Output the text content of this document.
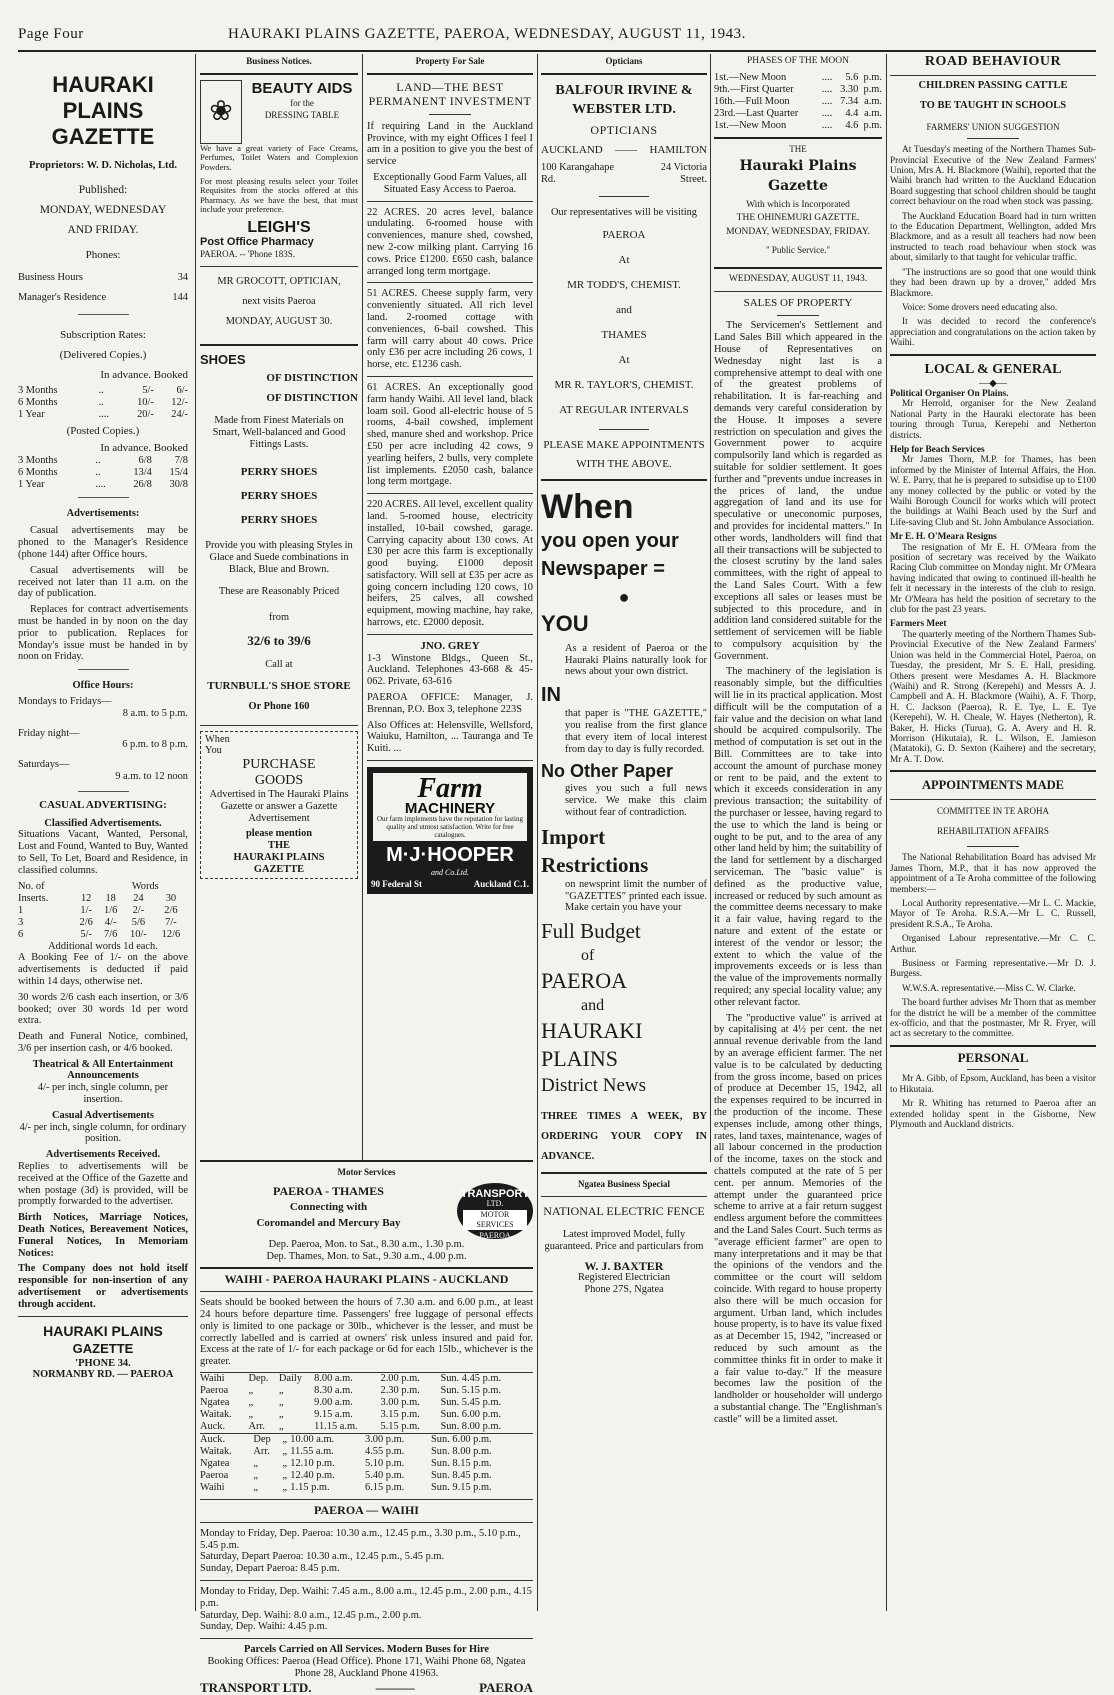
Page Four	HAURAKI PLAINS GAZETTE, PAEROA, WEDNESDAY, AUGUST 11, 1943.
HAURAKI PLAINS
GAZETTE
Proprietors: W. D. Nicholas, Ltd.
Published:
MONDAY, WEDNESDAY
AND FRIDAY.
Phones:
Business Hours	34
Manager's Residence	144
Subscription Rates:
(Delivered Copies.)
In advance. Booked
3 Months	..	5/-	6/-
6 Months	..	10/-	12/-
1 Year	....	20/-	24/-
(Posted Copies.)
In advance. Booked
3 Months	..	6/8	7/8
6 Months	..	13/4	15/4
1 Year	....	26/8	30/8
Advertisements:

Casual advertisements may be phoned to the Manager's Residence (phone 144) after Office hours.

Casual advertisements will be received not later than 11 a.m. on the day of publication.

Replaces for contract advertisements must be handed in by noon on the day prior to publication. Replaces for Monday's issue must be handed in by noon on Friday.

Office Hours:
Mondays to Fridays—
8 a.m. to 5 p.m.
Friday night—
6 p.m. to 8 p.m.
Saturdays—
9 a.m. to 12 noon
CASUAL ADVERTISING:
Classified Advertisements.

Situations Vacant, Wanted, Personal, Lost and Found, Wanted to Buy, Wanted to Sell, To Let, Board and Residence, in classified columns.

No. of	Words
Inserts.	12	18	24	30
1	1/-	1/6	2/-	2/6
3	2/6	4/-	5/6	7/-
6	5/-	7/6	10/-	12/6
Additional words 1d each.

A Booking Fee of 1/- on the above advertisements is deducted if paid within 14 days, otherwise net.

30 words 2/6 cash each insertion, or 3/6 booked; over 30 words 1d per word extra.

Death and Funeral Notice, combined, 3/6 per insertion cash, or 4/6 booked.

Theatrical & All Entertainment Announcements

4/- per inch, single column, per insertion.

Casual Advertisements

4/- per inch, single column, for ordinary position.

Advertisements Received.

Replies to advertisements will be received at the Office of the Gazette and when postage (3d) is provided, will be promptly forwarded to the advertiser.

Birth Notices, Marriage Notices, Death Notices, Bereavement Notices, Funeral Notices, In Memoriam Notices:

The Company does not hold itself responsible for non-insertion of any advertisement or advertisements through accident.

HAURAKI PLAINS
GAZETTE
'PHONE 34.
NORMANBY RD. — PAEROA
Business Notices.
❀
BEAUTY AIDS
for the
DRESSING TABLE

We have a great variety of Face Creams, Perfumes, Toilet Waters and Complexion Powders.

For most pleasing results select your Toilet Requisites from the stocks offered at this Pharmacy. As we have the best, that must include your preference.

LEIGH'S
Post Office Pharmacy
PAEROA. -- 'Phone 183S.
MR GROCOTT, OPTICIAN,
next visits Paeroa
MONDAY, AUGUST 30.
SHOES
OF DISTINCTION
OF DISTINCTION

Made from Finest Materials on Smart, Well-balanced and Good Fittings Lasts.

PERRY SHOES
PERRY SHOES
PERRY SHOES

Provide you with pleasing Styles in Glace and Suede combinations in Black, Blue and Brown.

These are Reasonably Priced
from
32/6 to 39/6
Call at
TURNBULL'S SHOE STORE
Or Phone 160
When
You
PURCHASE
GOODS

Advertised in The Hauraki Plains Gazette or answer a Gazette Advertisement

please mention
THE
HAURAKI PLAINS
GAZETTE
Property For Sale
LAND—THE BEST PERMANENT INVESTMENT

If requiring Land in the Auckland Province, with my eight Offices I feel I am in a position to give you the best of service

Exceptionally Good Farm Values, all Situated Easy Access to Paeroa.

22 ACRES. 20 acres level, balance undulating. 6-roomed house with conveniences, manure shed, cowshed, new 2-cow milking plant. Carrying 16 cows. Price £1200. £650 cash, balance arranged long term mortgage.

51 ACRES. Cheese supply farm, very conveniently situated. All rich level land. 2-roomed cottage with conveniences, 6-bail cowshed. This farm will carry about 40 cows. Price only £36 per acre including 26 cows, 1 horse, etc. £1236 cash.

61 ACRES. An exceptionally good farm handy Waihi. All level land, black loam soil. Good all-electric house of 5 rooms, 4-bail cowshed, implement shed, manure shed and workshop. Price £50 per acre including 42 cows, 9 yearling heifers, 2 bulls, very complete list implements. £2050 cash, balance long term mortgage.

220 ACRES. All level, excellent quality land. 5-roomed house, electricity installed, 10-bail cowshed, garage. Carrying capacity about 130 cows. At £30 per acre this farm is exceptionally good buying. £1000 deposit satisfactory. Will sell at £35 per acre as going concern including 120 cows, 10 heifers, 25 calves, all cowshed equipment, mowing machine, hay rake, harrows, etc. £2000 deposit.

JNO. GREY

1-3 Winstone Bldgs., Queen St., Auckland. Telephones 43-668 & 45-062. Private, 63-616

PAEROA OFFICE: Manager, J. Brennan, P.O. Box 3, telephone 223S

Also Offices at: Helensville, Wellsford, Waiuku, Hamilton, ... Tauranga and Te Kuiti. ...

Farm
MACHINERY
Our farm implements have the reputation for lasting quality and utmost satisfaction. Write for free catalogues.
M·J·HOOPER
and Co.Ltd.
90 Federal St	Auckland C.1.
Opticians
BALFOUR IRVINE & WEBSTER LTD.
OPTICIANS
AUCKLAND —— HAMILTON
100 Karangahape Rd.
24 Victoria Street.

Our representatives will be visiting

PAEROA
At
MR TODD'S, CHEMIST.
and
THAMES
At
MR R. TAYLOR'S, CHEMIST.
AT REGULAR INTERVALS

PLEASE MAKE APPOINTMENTS WITH THE ABOVE.

When
you open your
Newspaper =
●
YOU

As a resident of Paeroa or the Hauraki Plains naturally look for news about your own district.

IN

that paper is "THE GAZETTE," you realise from the first glance that every item of local interest from day to day is fully recorded.

No Other Paper

gives you such a full news service. We make this claim without fear of contradiction.

Import Restrictions

on newsprint limit the number of "GAZETTES" printed each issue. Make certain you have your

Full Budget
of
PAEROA
and
HAURAKI
PLAINS
District News

THREE TIMES A WEEK, BY ORDERING YOUR COPY IN ADVANCE.

Ngatea Business Special
NATIONAL ELECTRIC FENCE

Latest improved Model, fully guaranteed. Price and particulars from

W. J. BAXTER
Registered Electrician
Phone 27S, Ngatea
Motor Services
PAEROA - THAMES
Connecting with
Coromandel and Mercury Bay
TRANSPORT
LTD.
MOTOR SERVICES
PAEROA
Dep. Paeroa, Mon. to Sat., 8.30 a.m., 1.30 p.m.
Dep. Thames, Mon. to Sat., 9.30 a.m., 4.00 p.m.
WAIHI - PAEROA HAURAKI PLAINS - AUCKLAND

Seats should be booked between the hours of 7.30 a.m. and 6.00 p.m., at least 24 hours before departure time. Passengers' free luggage of personal effects only is limited to one package or 30lb., whichever is the lesser, and must be correctly labelled and is carried at owners' risk unless insured and paid for. Excess at the rate of 1/- for each package or 6d for each 15lb., whichever is the greater.

Waihi	Dep.	Daily	8.00 a.m.	2.00 p.m.	Sun. 4.45 p.m.
Paeroa	„	„	8.30 a.m.	2.30 p.m.	Sun. 5.15 p.m.
Ngatea	„	„	9.00 a.m.	3.00 p.m.	Sun. 5.45 p.m.
Waitak.	„	„	9.15 a.m.	3.15 p.m.	Sun. 6.00 p.m.
Auck.	Arr.	„	11.15 a.m.	5.15 p.m.	Sun. 8.00 p.m.
Auck.	Dep	„	10.00 a.m.	3.00 p.m.	Sun. 6.00 p.m.
Waitak.	Arr.	„	11.55 a.m.	4.55 p.m.	Sun. 8.00 p.m.
Ngatea	„	„	12.10 p.m.	5.10 p.m.	Sun. 8.15 p.m.
Paeroa	„	„	12.40 p.m.	5.40 p.m.	Sun. 8.45 p.m.
Waihi	„	„	1.15 p.m.	6.15 p.m.	Sun. 9.15 p.m.
PAEROA — WAIHI
Monday to Friday, Dep. Paeroa: 10.30 a.m., 12.45 p.m., 3.30 p.m., 5.10 p.m., 5.45 p.m.
Saturday, Depart Paeroa: 10.30 a.m., 12.45 p.m., 5.45 p.m.
Sunday, Depart Paeroa: 8.45 p.m.
Monday to Friday, Dep. Waihi: 7.45 a.m., 8.00 a.m., 12.45 p.m., 2.00 p.m., 4.15 p.m.
Saturday, Dep. Waihi: 8.0 a.m., 12.45 p.m., 2.00 p.m.
Sunday, Dep. Waihi: 4.45 p.m.
Parcels Carried on All Services. Modern Buses for Hire
Booking Offices: Paeroa (Head Office). Phone 171, Waihi Phone 68, Ngatea Phone 28, Auckland Phone 41963.
TRANSPORT LTD.	———	PAEROA
PHASES OF THE MOON
1st.—New Moon	....	5.6	p.m.
9th.—First Quarter	....	3.30	p.m.
16th.—Full Moon	....	7.34	a.m.
23rd.—Last Quarter	....	4.4	a.m.
1st.—New Moon	....	4.6	p.m.
THE
Hauraki Plains Gazette
With which is Incorporated
THE OHINEMURI GAZETTE.
MONDAY, WEDNESDAY, FRIDAY.
" Public Service."
WEDNESDAY, AUGUST 11, 1943.
SALES OF PROPERTY

The Servicemen's Settlement and Land Sales Bill which appeared in the House of Representatives on Wednesday night last is a comprehensive attempt to deal with one of the greatest problems of rehabilitation. It is far-reaching and demands very careful consideration by the House. It imposes a severe restriction on speculation and gives the Government power to acquire compulsorily land which is regarded as suitable for soldier settlement. It goes further and "prevents undue increases in the prices of land, the undue aggregation of land and its use for speculative or uneconomic purposes, and provides for incidental matters." In other words, landholders will find that all their transactions will be subjected to the closest scrutiny by the land sales committees, with the right of appeal to the Land Sales Court. With a few exceptions all sales or leases must be subjected to this procedure, and in addition land considered suitable for the settlement of servicemen will be liable to compulsory acquisition by the Government.

The machinery of the legislation is reasonably simple, but the difficulties will lie in its practical application. Most difficult will be the computation of a fair value and the decision on what land should be acquired compulsorily. The method of computation is set out in the Bill. Committees are to take into account the amount of purchase money or rent to be paid, and the extent to which it exceeds consideration in any previous transaction; the suitability of the purchaser or lessee, having regard to the use to which the land is being or ought to be put, and to the area of any other land held by him; the suitability of the land for settlement by a discharged serviceman. The "basic value" is defined as the productive value, increased or reduced by such amount as the committee deems necessary to make it a fair value, having regard to the nature and extent of the estate or interest of the vendor or lessor; the extent to which the value of the improvements exceeds or is less than the value of the improvements normally required; any special locality value; any other relevant factor.

The "productive value" is arrived at by capitalising at 4½ per cent. the net annual revenue derivable from the land by an average efficient farmer. The net value is to be calculated by deducting from the gross income, based on prices of produce at December 15, 1942, all the expenses required to be incurred in the production of the income. These expenses include, among other things, rates, land taxes, maintenance, wages of all labour concerned in the production of the income, taxes on the stock and chattels computed at the rate of 5 per cent. per annum. Memories of the attempt under the guaranteed price scheme to arrive at a fair return suggest endless argument before the committees and the Land Sales Court. Such terms as "average efficient farmer" are open to many interpretations and it may be that the opinions of the vendors and the committee or the court will seldom coincide. With regard to house property also there will be much occasion for argument. Urban land, which includes house property, is to have its value fixed as at December 15, 1942, "increased or reduced by such amount as the committee thinks fit in order to make it a fair value to-day." If the measure becomes law the position of the landholder or householder will undergo a substantial change. The "Englishman's castle" will be a limited asset.

ROAD BEHAVIOUR
CHILDREN PASSING CATTLE
TO BE TAUGHT IN SCHOOLS
FARMERS' UNION SUGGESTION

At Tuesday's meeting of the Northern Thames Sub-Provincial Executive of the New Zealand Farmers' Union, Mrs A. H. Blackmore (Waihi), reported that the Waihi branch had written to the Auckland Education Board suggesting that school children should be taught correct behaviour on the road when stock was passing.

The Auckland Education Board had in turn written to the Education Department, Wellington, added Mrs Blackmore, and as a result all teachers had now been instructed to teach road behaviour when stock was about, similarly to that taught for vehicular traffic.

"The instructions are so good that one would think they had been drawn up by a drover," added Mrs Blackmore.

Voice: Some drovers need educating also.

It was decided to record the conference's appreciation and congratulations on the action taken by Waihi.

LOCAL & GENERAL
—◆—
Political Organiser On Plains.

Mr Herrold, organiser for the New Zealand National Party in the Hauraki electorate has been touring through Turua, Kerepehi and Netherton districts.

Help for Beach Services

Mr James Thorn, M.P. for Thames, has been informed by the Minister of Internal Affairs, the Hon. W. E. Parry, that he is prepared to subsidise up to £100 any money collected by the public or voted by the Waihi Borough Council for works which will protect the buildings at Waihi Beach used by the Surf and Life-saving Club and St. John Ambulance Association.

Mr E. H. O'Meara Resigns

The resignation of Mr E. H. O'Meara from the position of secretary was received by the Waikato Racing Club committee on Monday night. Mr O'Meara having indicated that owing to continued ill-health he felt it necessary in the interests of the club to resign. Mr O'Meara has held the position of secretary to the club for the past 23 years.

Farmers Meet

The quarterly meeting of the Northern Thames Sub-Provincial Executive of the New Zealand Farmers' Union was held in the Commercial Hotel, Paeroa, on Tuesday, the president, Mr S. E. Hall, presiding. Others present were Mesdames A. H. Blackmore (Waihi) and R. Strong (Kerepehi) and Messrs A. J. Campbell and A. H. Blackmore (Waihi), A. F. Thorp, H. C. Jackson (Paeroa), R. E. Tye, L. E. Tye (Kerepehi), W. H. Cheale, W. Hayes (Netherton), R. Baker, H. Hicks (Turua), G. A. Avery and H. R. Morrison (Hikutaia), R. L. Wilson, E. Jamieson (Matatoki), G. D. Sexton (Kaihere) and the secretary, Mr A. T. Dow.

APPOINTMENTS MADE
COMMITTEE IN TE AROHA
REHABILITATION AFFAIRS

The National Rehabilitation Board has advised Mr James Thorn, M.P., that it has now approved the appointment of a Te Aroha committee of the following members:—

Local Authority representative.—Mr L. C. Mackie, Mayor of Te Aroha. R.S.A.—Mr L. C. Russell, president R.S.A., Te Aroha.

Organised Labour representative.—Mr C. C. Arthur.

Business or Farming representative.—Mr D. J. Burgess.

W.W.S.A. representative.—Miss C. W. Clarke.

The board further advises Mr Thorn that as member for the district he will be a member of the committee ex-officio, and that the postmaster, Mr R. Fryer, will act as secretary to the committee.

PERSONAL

Mr A. Gibb, of Epsom, Auckland, has been a visitor to Hikutaia.

Mr R. Whiting has returned to Paeroa after an extended holiday spent in the Gisborne, New Plymouth and Auckland districts.
